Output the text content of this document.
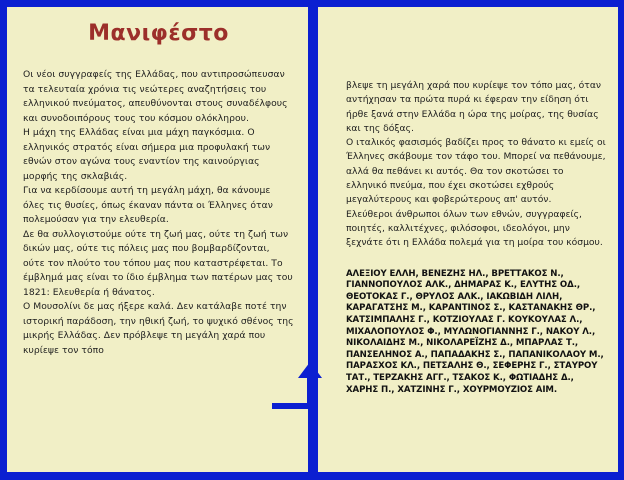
Μανιφέστο

Οι νέοι συγγραφείς της Ελλάδας, που αντιπροσώπευσαν τα τελευταία χρόνια τις νεώτερες αναζητήσεις του ελληνικού πνεύματος, απευθύνονται στους συναδέλφους και συνοδοιπόρους τους του κόσμου ολόκληρου.

Η μάχη της Ελλάδας είναι μια μάχη παγκόσμια. Ο ελληνικός στρατός είναι σήμερα μια προφυλακή των εθνών στον αγώνα τους εναντίον της καινούργιας μορφής της σκλαβιάς.

Για να κερδίσουμε αυτή τη μεγάλη μάχη, θα κάνουμε όλες τις θυσίες, όπως έκαναν πάντα οι Έλληνες όταν πολεμούσαν για την ελευθερία.

Δε θα συλλογιστούμε ούτε τη ζωή μας, ούτε τη ζωή των δικών μας, ούτε τις πόλεις μας που βομβαρδίζονται, ούτε τον πλούτο του τόπου μας που καταστρέφεται. Το έμβλημά μας είναι το ίδιο έμβλημα των πατέρων μας του 1821: Ελευθερία ή θάνατος.

Ο Μουσολίνι δε μας ήξερε καλά. Δεν κατάλαβε ποτέ την ιστορική παράδοση, την ηθική ζωή, το ψυχικό σθένος της μικρής Ελλάδας. Δεν πρόβλεψε τη μεγάλη χαρά που κυρίεψε τον τόπο

βλεψε τη μεγάλη χαρά που κυρίεψε τον τόπο μας, όταν αντήχησαν τα πρώτα πυρά κι έφεραν την είδηση ότι ήρθε ξανά στην Ελλάδα η ώρα της μοίρας, της θυσίας και της δόξας.

Ο ιταλικός φασισμός βαδίζει προς το θάνατο κι εμείς οι Έλληνες σκάβουμε τον τάφο του. Μπορεί να πεθάνουμε, αλλά θα πεθάνει κι αυτός. Θα τον σκοτώσει το ελληνικό πνεύμα, που έχει σκοτώσει εχθρούς μεγαλύτερους και φοβερώτερους απ' αυτόν.

Ελεύθεροι άνθρωποι όλων των εθνών, συγγραφείς, ποιητές, καλλιτέχνες, φιλόσοφοι, ιδεολόγοι, μην ξεχνάτε ότι η Ελλάδα πολεμά για τη μοίρα του κόσμου.

ΑΛΕΞΙΟΥ ΕΛΛΗ, ΒΕΝΕΖΗΣ ΗΛ., ΒΡΕΤΤΑΚΟΣ Ν., ΓΙΑΝΝΟΠΟΥΛΟΣ ΑΛΚ., ΔΗΜΑΡΑΣ Κ., ΕΛΥΤΗΣ ΟΔ., ΘΕΟΤΟΚΑΣ Γ., ΘΡΥΛΟΣ ΑΛΚ., ΙΑΚΩΒΙΔΗ ΛΙΛΗ, ΚΑΡΑΓΑΤΣΗΣ Μ., ΚΑΡΑΝΤΙΝΟΣ Σ., ΚΑΣΤΑΝΑΚΗΣ ΘΡ., ΚΑΤΣΙΜΠΑΛΗΣ Γ., ΚΟΤΖΙΟΥΛΑΣ Γ. ΚΟΥΚΟΥΛΑΣ Λ., ΜΙΧΑΛΟΠΟΥΛΟΣ Φ., ΜΥΛΩΝΟΓΙΑΝΝΗΣ Γ., ΝΑΚΟΥ Λ., ΝΙΚΟΛΑΙΔΗΣ Μ., ΝΙΚΟΛΑΡΕΪΖΗΣ Δ., ΜΠΑΡΛΑΣ Τ., ΠΑΝΣΕΛΗΝΟΣ Α., ΠΑΠΑΔΑΚΗΣ Σ., ΠΑΠΑΝΙΚΟΛΑΟΥ Μ., ΠΑΡΑΣΧΟΣ ΚΛ., ΠΕΤΣΑΛΗΣ Θ., ΣΕΦΕΡΗΣ Γ., ΣΤΑΥΡΟΥ ΤΑΤ., ΤΕΡΖΑΚΗΣ ΑΓΓ., ΤΣΑΚΟΣ Κ., ΦΩΤΙΑΔΗΣ Δ., ΧΑΡΗΣ Π., ΧΑΤΖΙΝΗΣ Γ., ΧΟΥΡΜΟΥΖΙΟΣ ΑΙΜ.
